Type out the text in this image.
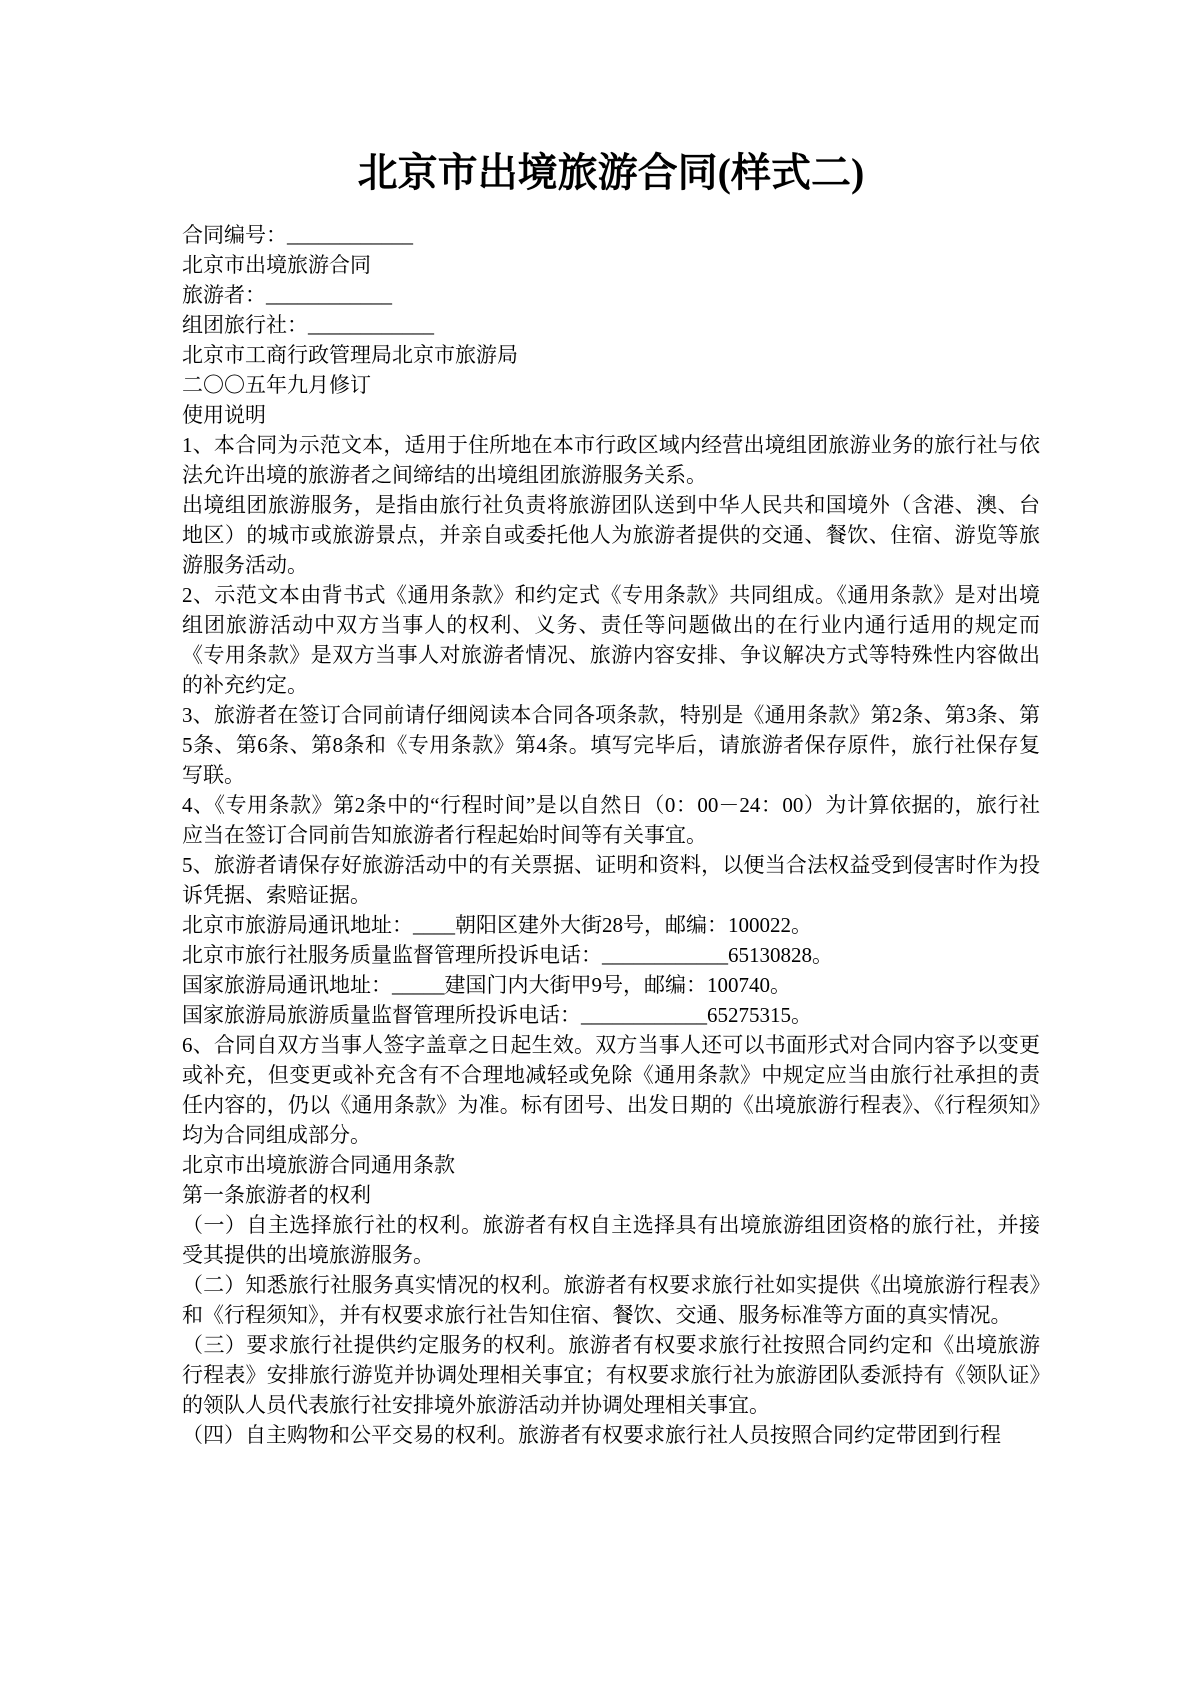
北京市出境旅游合同(样式二)

合同编号：____________

北京市出境旅游合同

旅游者：____________

组团旅行社：____________

北京市工商行政管理局北京市旅游局

二〇〇五年九月修订

使用说明

1、本合同为示范文本，适用于住所地在本市行政区域内经营出境组团旅游业务的旅行社与依法允许出境的旅游者之间缔结的出境组团旅游服务关系。

出境组团旅游服务，是指由旅行社负责将旅游团队送到中华人民共和国境外（含港、澳、台地区）的城市或旅游景点，并亲自或委托他人为旅游者提供的交通、餐饮、住宿、游览等旅游服务活动。

2、示范文本由背书式《通用条款》和约定式《专用条款》共同组成。《通用条款》是对出境组团旅游活动中双方当事人的权利、义务、责任等问题做出的在行业内通行适用的规定而《专用条款》是双方当事人对旅游者情况、旅游内容安排、争议解决方式等特殊性内容做出的补充约定。

3、旅游者在签订合同前请仔细阅读本合同各项条款，特别是《通用条款》第2条、第3条、第5条、第6条、第8条和《专用条款》第4条。填写完毕后，请旅游者保存原件，旅行社保存复写联。

4、《专用条款》第2条中的“行程时间”是以自然日（0：00－24：00）为计算依据的，旅行社应当在签订合同前告知旅游者行程起始时间等有关事宜。

5、旅游者请保存好旅游活动中的有关票据、证明和资料，以便当合法权益受到侵害时作为投诉凭据、索赔证据。

北京市旅游局通讯地址：____朝阳区建外大街28号，邮编：100022。

北京市旅行社服务质量监督管理所投诉电话：____________65130828。

国家旅游局通讯地址：_____建国门内大街甲9号，邮编：100740。

国家旅游局旅游质量监督管理所投诉电话：____________65275315。

6、合同自双方当事人签字盖章之日起生效。双方当事人还可以书面形式对合同内容予以变更或补充，但变更或补充含有不合理地减轻或免除《通用条款》中规定应当由旅行社承担的责任内容的，仍以《通用条款》为准。标有团号、出发日期的《出境旅游行程表》、《行程须知》均为合同组成部分。

北京市出境旅游合同通用条款

第一条旅游者的权利

（一）自主选择旅行社的权利。旅游者有权自主选择具有出境旅游组团资格的旅行社，并接受其提供的出境旅游服务。

（二）知悉旅行社服务真实情况的权利。旅游者有权要求旅行社如实提供《出境旅游行程表》和《行程须知》，并有权要求旅行社告知住宿、餐饮、交通、服务标准等方面的真实情况。

（三）要求旅行社提供约定服务的权利。旅游者有权要求旅行社按照合同约定和《出境旅游行程表》安排旅行游览并协调处理相关事宜；有权要求旅行社为旅游团队委派持有《领队证》的领队人员代表旅行社安排境外旅游活动并协调处理相关事宜。

（四）自主购物和公平交易的权利。旅游者有权要求旅行社人员按照合同约定带团到行程
